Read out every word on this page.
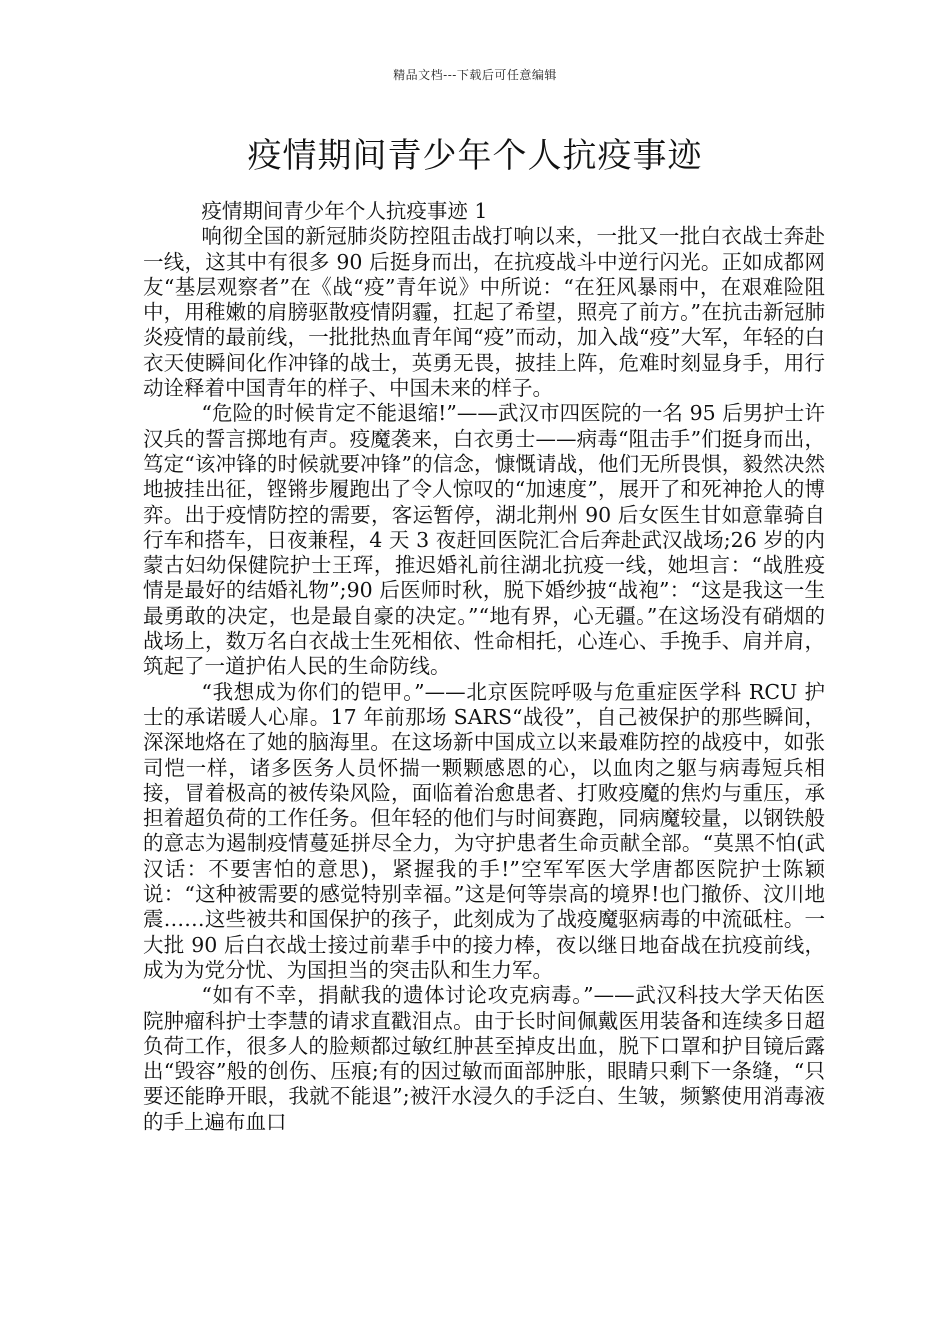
精品文档---下载后可任意编辑
疫情期间青少年个人抗疫事迹

疫情期间青少年个人抗疫事迹 1

响彻全国的新冠肺炎防控阻击战打响以来，一批又一批白衣战士奔赴一线，这其中有很多 90 后挺身而出，在抗疫战斗中逆行闪光。正如成都网友“基层观察者”在《战“疫”青年说》中所说：“在狂风暴雨中，在艰难险阻中，用稚嫩的肩膀驱散疫情阴霾，扛起了希望，照亮了前方。”在抗击新冠肺炎疫情的最前线，一批批热血青年闻“疫”而动，加入战“疫”大军，年轻的白衣天使瞬间化作冲锋的战士，英勇无畏，披挂上阵，危难时刻显身手，用行动诠释着中国青年的样子、中国未来的样子。

“危险的时候肯定不能退缩!”——武汉市四医院的一名 95 后男护士许汉兵的誓言掷地有声。疫魔袭来，白衣勇士——病毒“阻击手”们挺身而出，笃定“该冲锋的时候就要冲锋”的信念，慷慨请战，他们无所畏惧，毅然决然地披挂出征，铿锵步履跑出了令人惊叹的“加速度”，展开了和死神抢人的博弈。出于疫情防控的需要，客运暂停，湖北荆州 90 后女医生甘如意靠骑自行车和搭车，日夜兼程，4 天 3 夜赶回医院汇合后奔赴武汉战场;26 岁的内蒙古妇幼保健院护士王珲，推迟婚礼前往湖北抗疫一线，她坦言：“战胜疫情是最好的结婚礼物”;90 后医师时秋，脱下婚纱披“战袍”：“这是我这一生最勇敢的决定，也是最自豪的决定。”“地有界，心无疆。”在这场没有硝烟的战场上，数万名白衣战士生死相依、性命相托，心连心、手挽手、肩并肩，筑起了一道护佑人民的生命防线。

“我想成为你们的铠甲。”——北京医院呼吸与危重症医学科 RCU 护士的承诺暖人心扉。17 年前那场 SARS“战役”，自己被保护的那些瞬间，深深地烙在了她的脑海里。在这场新中国成立以来最难防控的战疫中，如张司恺一样，诸多医务人员怀揣一颗颗感恩的心，以血肉之躯与病毒短兵相接，冒着极高的被传染风险，面临着治愈患者、打败疫魔的焦灼与重压，承担着超负荷的工作任务。但年轻的他们与时间赛跑，同病魔较量，以钢铁般的意志为遏制疫情蔓延拼尽全力，为守护患者生命贡献全部。“莫黑不怕(武汉话：不要害怕的意思)，紧握我的手!”空军军医大学唐都医院护士陈颖说：“这种被需要的感觉特别幸福。”这是何等崇高的境界!也门撤侨、汶川地震……这些被共和国保护的孩子，此刻成为了战疫魔驱病毒的中流砥柱。一大批 90 后白衣战士接过前辈手中的接力棒，夜以继日地奋战在抗疫前线，成为为党分忧、为国担当的突击队和生力军。

“如有不幸，捐献我的遗体讨论攻克病毒。”——武汉科技大学天佑医院肿瘤科护士李慧的请求直戳泪点。由于长时间佩戴医用装备和连续多日超负荷工作，很多人的脸颊都过敏红肿甚至掉皮出血，脱下口罩和护目镜后露出“毁容”般的创伤、压痕;有的因过敏而面部肿胀，眼睛只剩下一条缝，“只要还能睁开眼，我就不能退”;被汗水浸久的手泛白、生皱，频繁使用消毒液的手上遍布血口
